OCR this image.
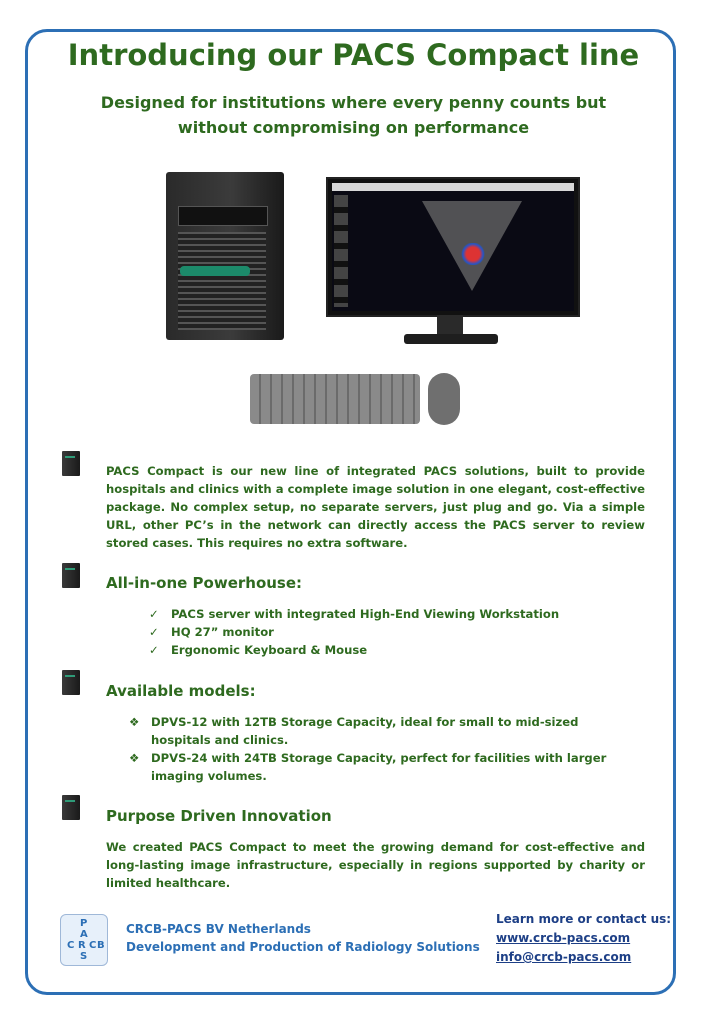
Introducing our PACS Compact line
Designed for institutions where every penny counts but without compromising on performance
PACS Compact is our new line of integrated PACS solutions, built to provide hospitals and clinics with a complete image solution in one elegant, cost-effective package. No complex setup, no separate servers, just plug and go. Via a simple URL, other PC’s in the network can directly access the PACS server to review stored cases. This requires no extra software.
All-in-one Powerhouse:
✓ PACS server with integrated High-End Viewing Workstation
✓ HQ 27” monitor
✓ Ergonomic Keyboard & Mouse
Available models:
❖ DPVS-12 with 12TB Storage Capacity, ideal for small to mid-sized hospitals and clinics.
❖ DPVS-24 with 24TB Storage Capacity, perfect for facilities with larger imaging volumes.
Purpose Driven Innovation
We created PACS Compact to meet the growing demand for cost-effective and long-lasting image infrastructure, especially in regions supported by charity or limited healthcare.
P
A
C R C B
S
CRCB-PACS BV Netherlands
Development and Production of Radiology Solutions
Learn more or contact us:
www.crcb-pacs.com
info@crcb-pacs.com
